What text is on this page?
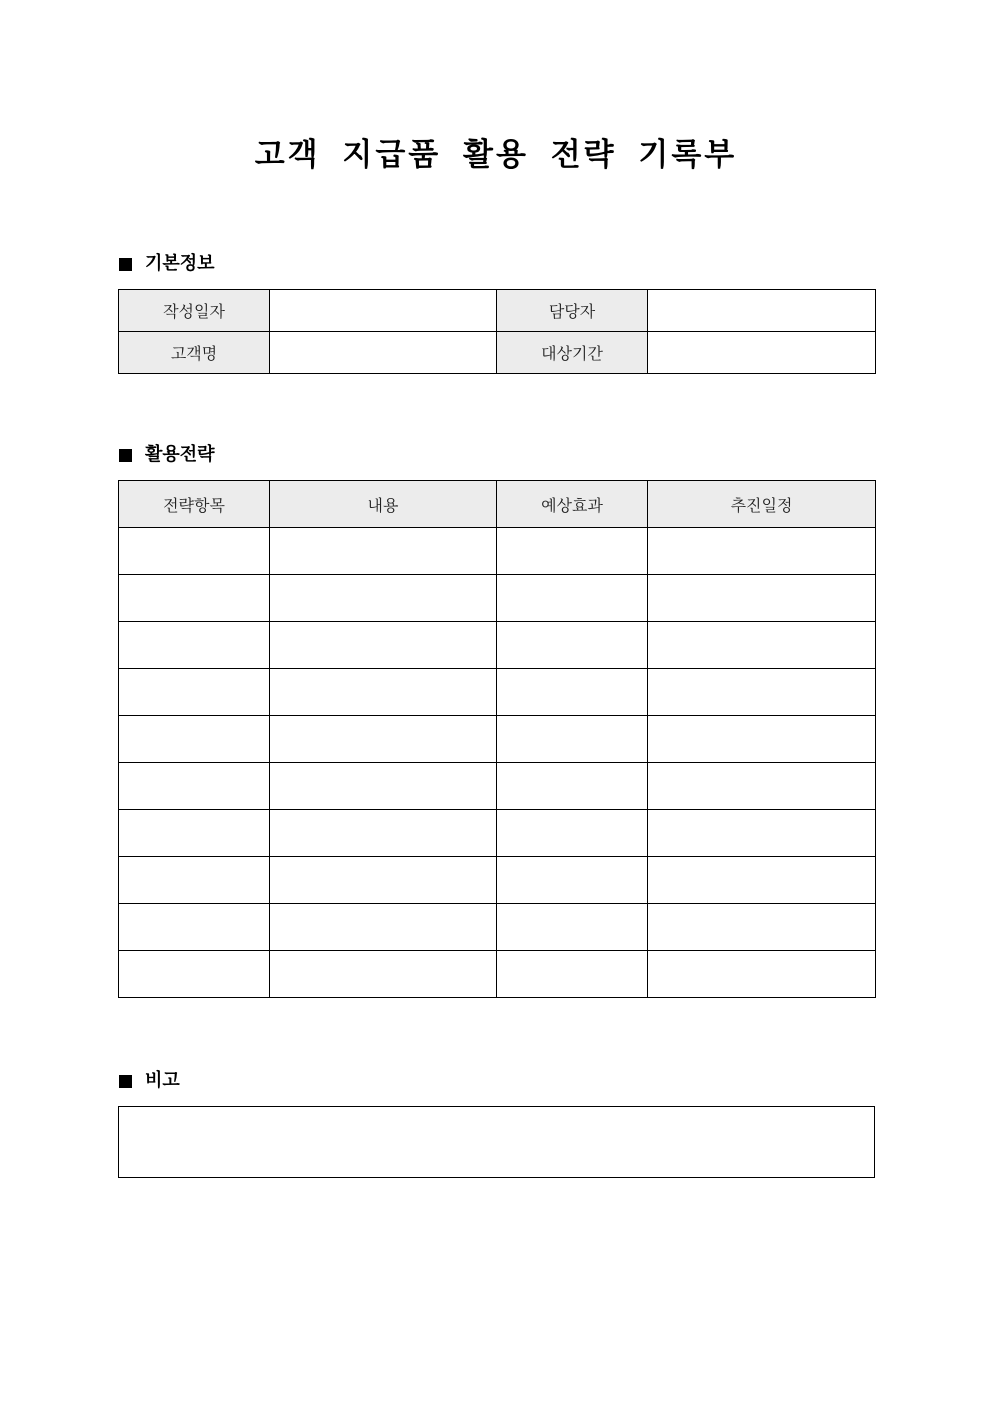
고객 지급품 활용 전략 기록부
기본정보
작성일자		담당자	
고객명		대상기간	
활용전략
전략항목	내용	예상효과	추진일정

비고
